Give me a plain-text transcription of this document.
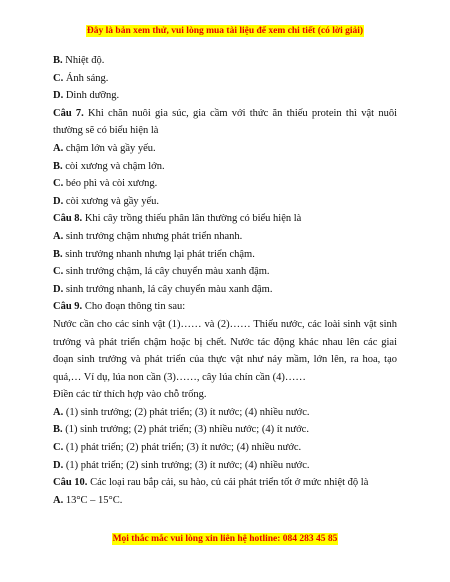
Đây là bản xem thử, vui lòng mua tài liệu để xem chi tiết (có lời giải)
B. Nhiệt độ.
C. Ánh sáng.
D. Dinh dưỡng.
Câu 7. Khi chăn nuôi gia súc, gia cầm với thức ăn thiếu protein thì vật nuôi thường sẽ có biểu hiện là
A. chậm lớn và gầy yếu.
B. còi xương và chậm lớn.
C. béo phì và còi xương.
D. còi xương và gầy yếu.
Câu 8. Khi cây trồng thiếu phân lân thường có biểu hiện là
A. sinh trưởng chậm nhưng phát triển nhanh.
B. sinh trưởng nhanh nhưng lại phát triển chậm.
C. sinh trưởng chậm, lá cây chuyển màu xanh đậm.
D. sinh trưởng nhanh, lá cây chuyển màu xanh đậm.
Câu 9. Cho đoạn thông tin sau:
Nước cần cho các sinh vật (1)…… và (2)…… Thiếu nước, các loài sinh vật sinh trưởng và phát triển chậm hoặc bị chết. Nước tác động khác nhau lên các giai đoạn sinh trưởng và phát triển của thực vật như nảy mầm, lớn lên, ra hoa, tạo quả,… Ví dụ, lúa non cần (3)……, cây lúa chín cần (4)……
Điền các từ thích hợp vào chỗ trống.
A. (1) sinh trưởng; (2) phát triển; (3) ít nước; (4) nhiều nước.
B. (1) sinh trưởng; (2) phát triển; (3) nhiều nước; (4) ít nước.
C. (1) phát triển; (2) phát triển; (3) ít nước; (4) nhiều nước.
D. (1) phát triển; (2) sinh trưởng; (3) ít nước; (4) nhiều nước.
Câu 10. Các loại rau bắp cải, su hào, củ cải phát triển tốt ở mức nhiệt độ là
A. 13°C – 15°C.
Mọi thắc mắc vui lòng xin liên hệ hotline: 084 283 45 85
